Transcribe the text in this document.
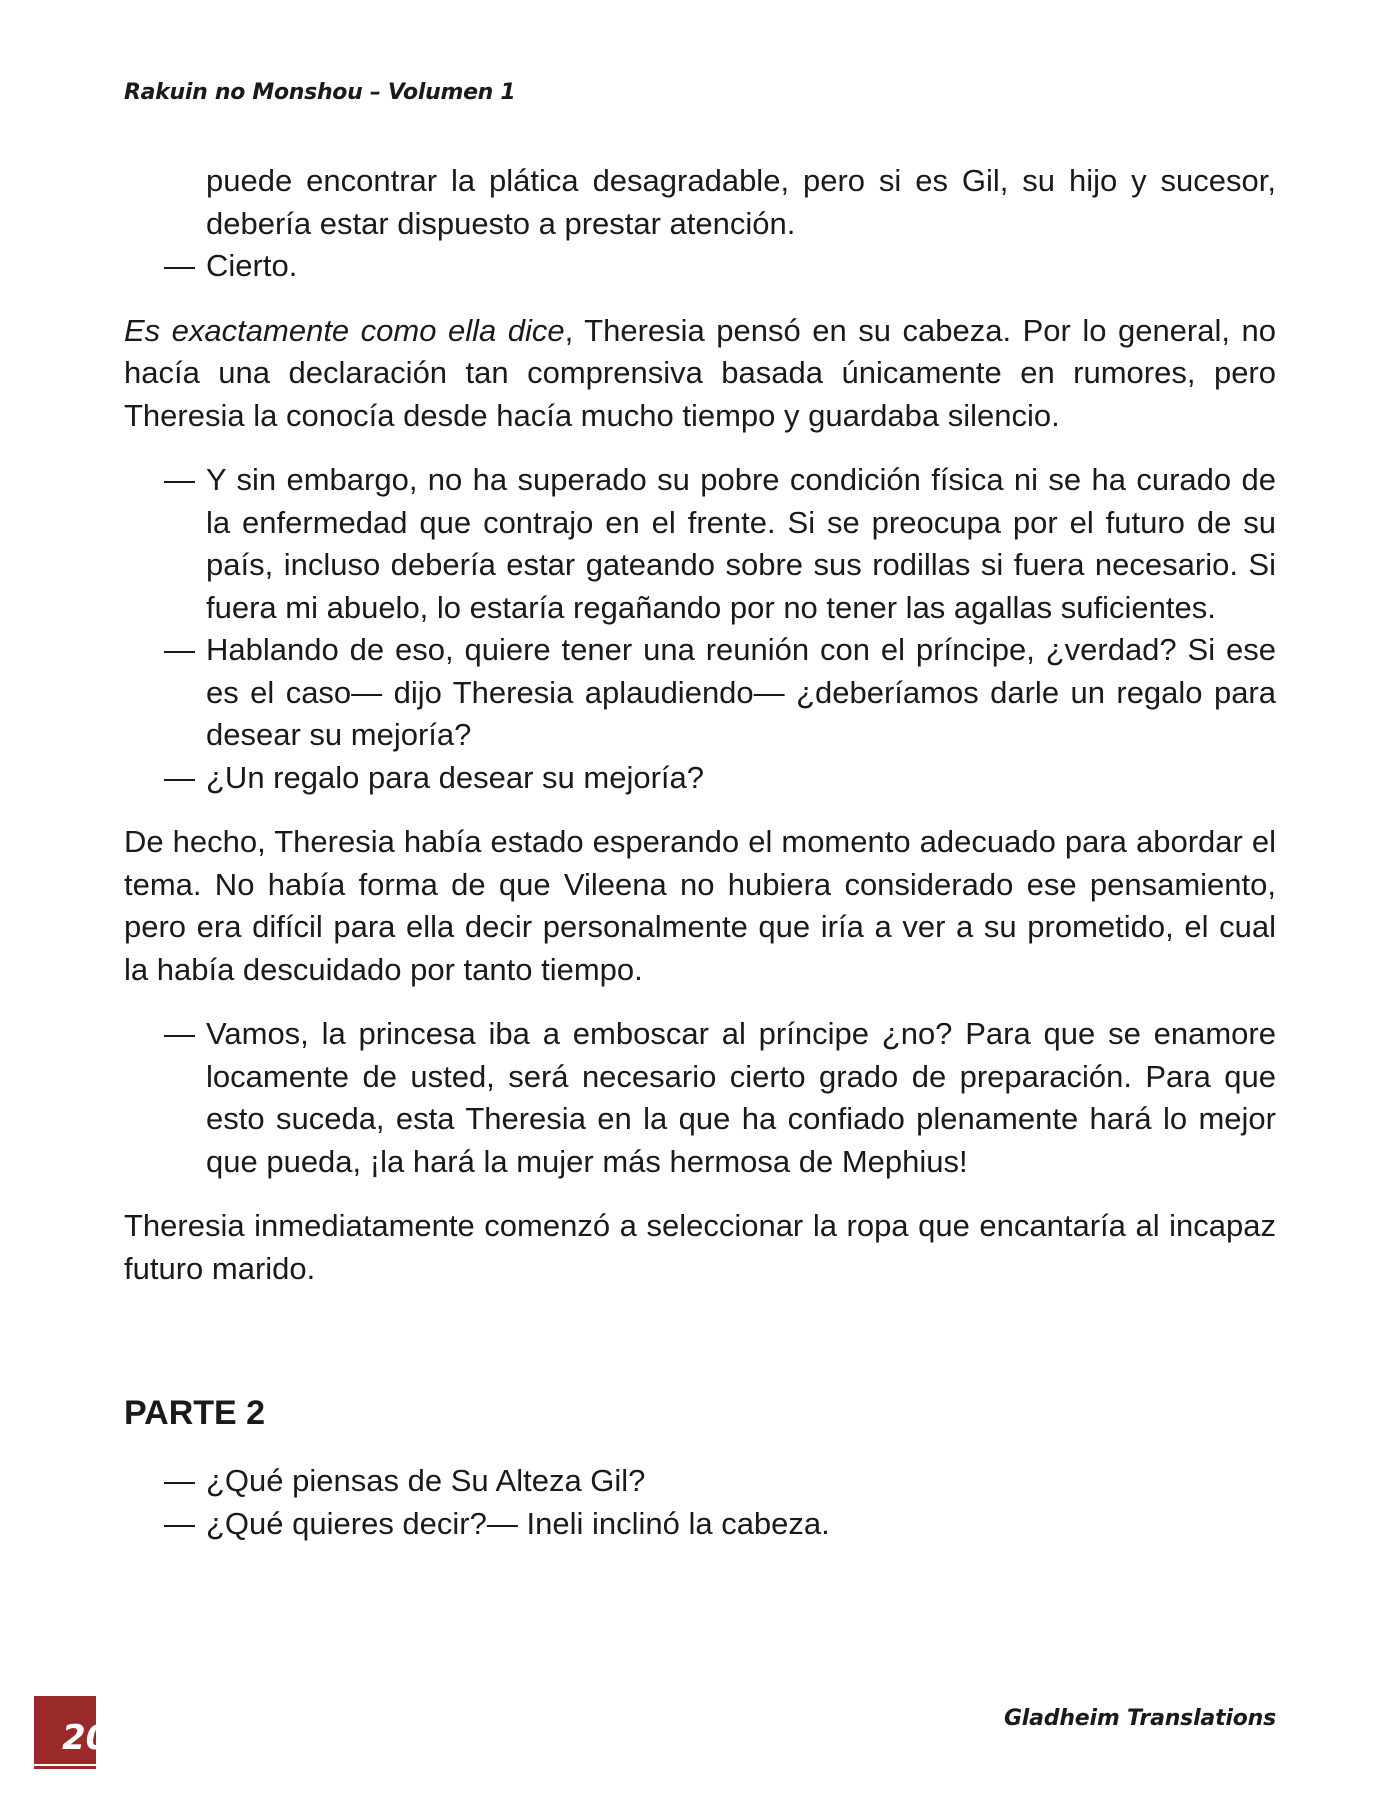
Rakuin no Monshou – Volumen 1

puede encontrar la plática desagradable, pero si es Gil, su hijo y sucesor, debería estar dispuesto a prestar atención.

— Cierto.

Es exactamente como ella dice, Theresia pensó en su cabeza. Por lo general, no hacía una declaración tan comprensiva basada únicamente en rumores, pero Theresia la conocía desde hacía mucho tiempo y guardaba silencio.

— Y sin embargo, no ha superado su pobre condición física ni se ha curado de la enfermedad que contrajo en el frente. Si se preocupa por el futuro de su país, incluso debería estar gateando sobre sus rodillas si fuera necesario. Si fuera mi abuelo, lo estaría regañando por no tener las agallas suficientes.

— Hablando de eso, quiere tener una reunión con el príncipe, ¿verdad? Si ese es el caso— dijo Theresia aplaudiendo— ¿deberíamos darle un regalo para desear su mejoría?

— ¿Un regalo para desear su mejoría?

De hecho, Theresia había estado esperando el momento adecuado para abordar el tema. No había forma de que Vileena no hubiera considerado ese pensamiento, pero era difícil para ella decir personalmente que iría a ver a su prometido, el cual la había descuidado por tanto tiempo.

— Vamos, la princesa iba a emboscar al príncipe ¿no? Para que se enamore locamente de usted, será necesario cierto grado de preparación. Para que esto suceda, esta Theresia en la que ha confiado plenamente hará lo mejor que pueda, ¡la hará la mujer más hermosa de Mephius!

Theresia inmediatamente comenzó a seleccionar la ropa que encantaría al incapaz futuro marido.

PARTE 2

— ¿Qué piensas de Su Alteza Gil?

— ¿Qué quieres decir?— Ineli inclinó la cabeza.

20	Gladheim Translations
